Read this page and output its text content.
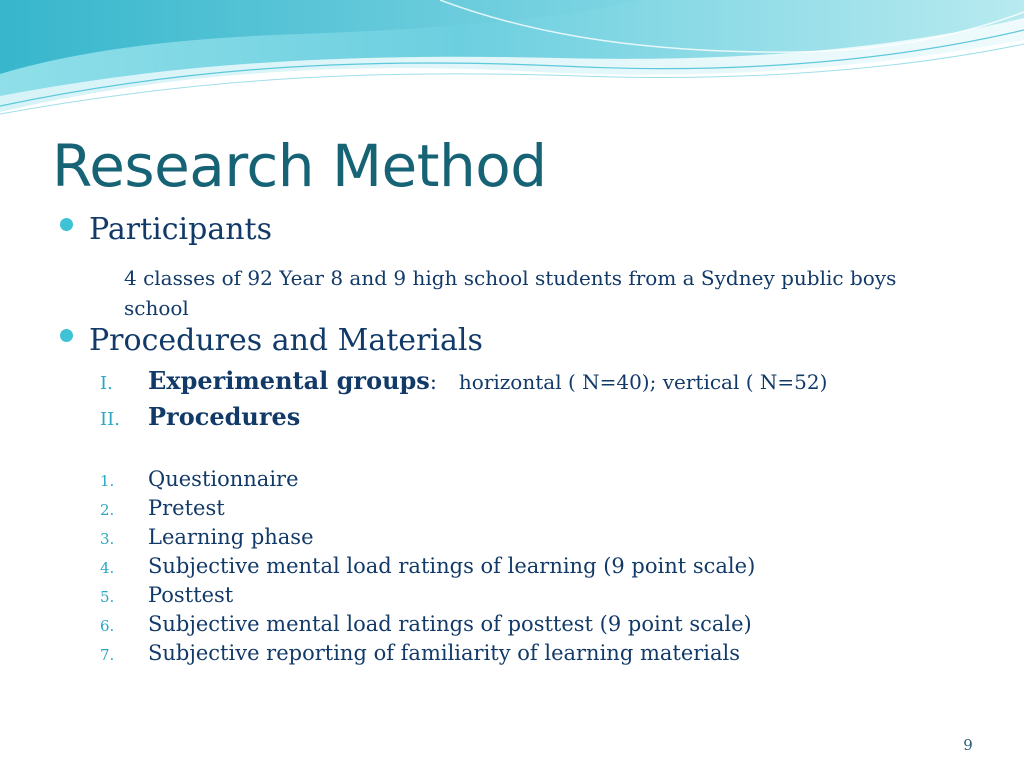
Research Method
Participants

4 classes of 92 Year 8 and 9 high school students from a Sydney public boys school

Procedures and Materials
I.	Experimental groups : horizontal ( N=40); vertical ( N=52)
II.	Procedures
1.	Questionnaire
2.	Pretest
3.	Learning phase
4.	Subjective mental load ratings of learning (9 point scale)
5.	Posttest
6.	Subjective mental load ratings of posttest (9 point scale)
7.	Subjective reporting of familiarity of learning materials
9
